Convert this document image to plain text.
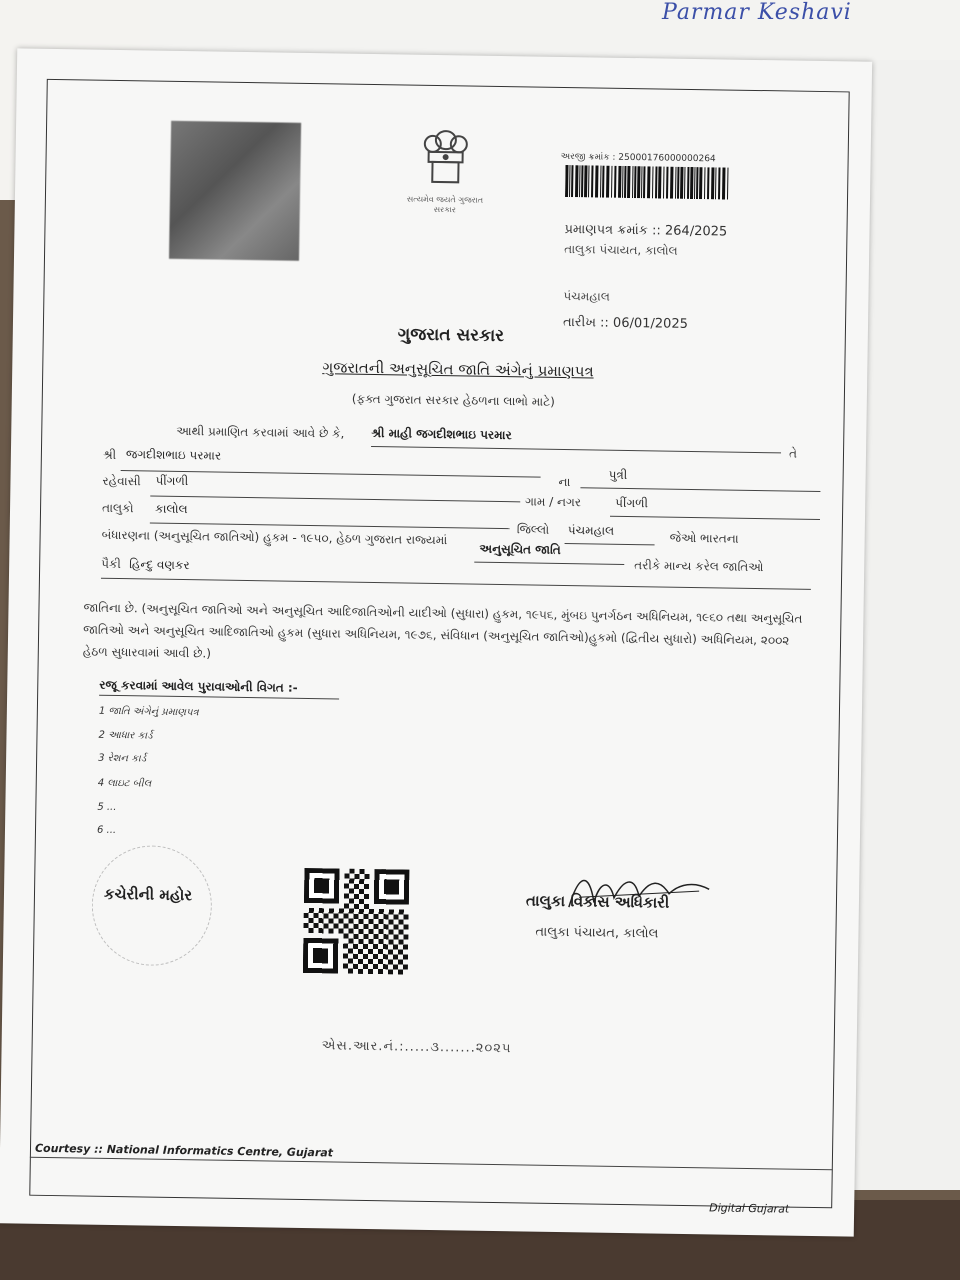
Parmar Keshavi
સત્યમેવ જયતે ગુજરાત સરકાર
અરજી ક્રમાંક : 25000176000000264
પ્રમાણપત્ર ક્રમાંક :: 264/2025
તાલુકા પંચાયત, કાલોલ
પંચમહાલ
તારીખ :: 06/01/2025
ગુજરાત સરકાર
ગુજરાતની અનુસૂચિત જાતિ અંગેનું પ્રમાણપત્ર
(ફક્ત ગુજરાત સરકાર હેઠળના લાભો માટે)
આથી પ્રમાણિત કરવામાં આવે છે કે, શ્રી માહી જગદીશભાઇ પરમાર
તે
શ્રી જગદીશભાઇ પરમાર
ના
પુત્રી
રહેવાસી પીંગળી
ગામ / નગર	પીંગળી
તાલુકો કાલોલ
જિલ્લો પંચમહાલ
જેઓ ભારતના
બંધારણના (અનુસૂચિત જાતિઓ) હુકમ - ૧૯૫૦, હેઠળ ગુજરાત રાજ્યમાં
અનુસૂચિત જાતિ
તરીકે માન્ય કરેલ જાતિઓ
પૈકી હિન્દુ વણકર
જાતિના છે. (અનુસૂચિત જાતિઓ અને અનુસૂચિત આદિજાતિઓની યાદીઓ (સુધારા) હુકમ, ૧૯૫૬, મુંબઇ પુનર્ગઠન અધિનિયમ, ૧૯૬૦ તથા અનુસૂચિત જાતિઓ અને અનુસૂચિત આદિજાતિઓ હુકમ (સુધારા અધિનિયમ, ૧૯૭૬, સંવિધાન (અનુસૂચિત જાતિઓ)હુકમો (દ્વિતીય સુધારો) અધિનિયમ, ૨૦૦૨ હેઠળ સુધારવામાં આવી છે.)
રજૂ કરવામાં આવેલ પુરાવાઓની વિગત :-
1 જાતિ અંગેનું પ્રમાણપત્ર
2 આધાર કાર્ડ
3 રેશન કાર્ડ
4 લાઇટ બીલ
5 ...
6 ...
કચેરીની મહોર	તાલુકા વિકાસ અધિકારી
તાલુકા પંચાયત, કાલોલ
એસ.આર.નં.:.....૩.......૨૦૨૫
Courtesy :: National Informatics Centre, Gujarat
Digital Gujarat
